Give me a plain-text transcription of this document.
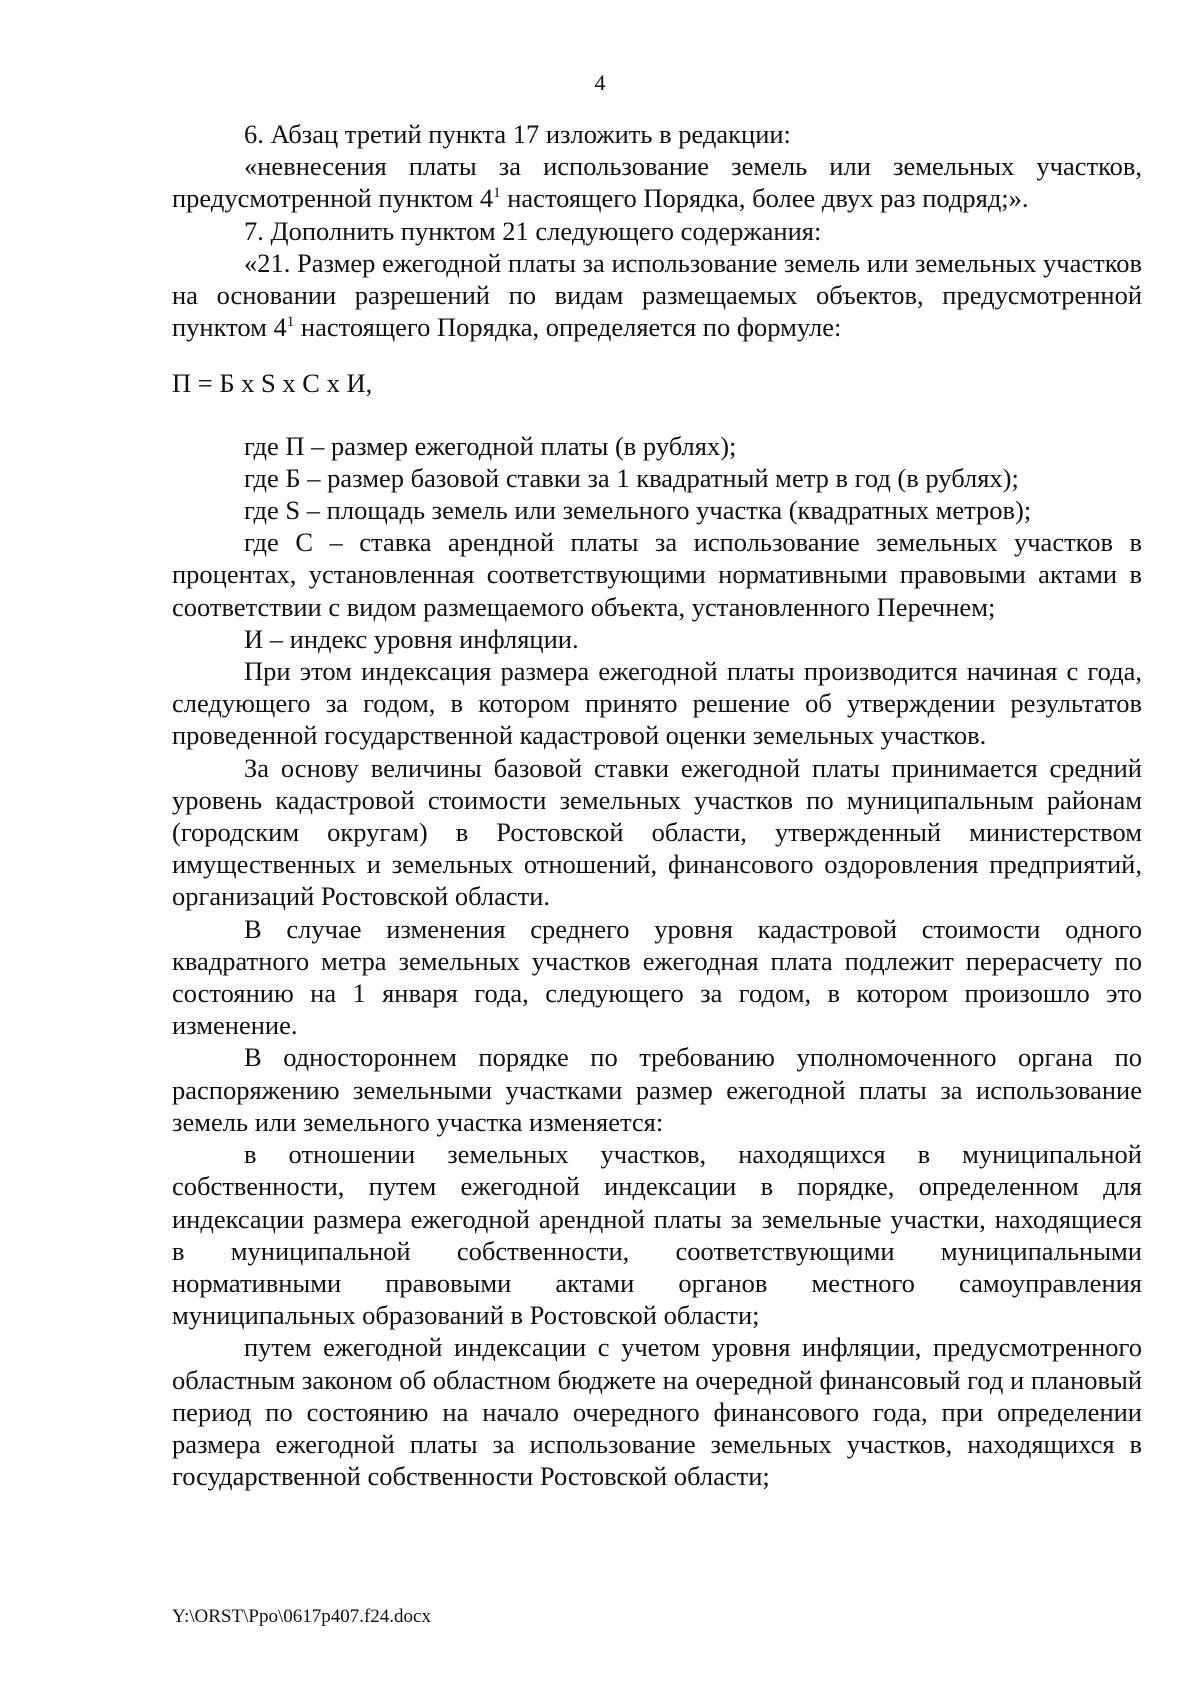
4

6. Абзац третий пункта 17 изложить в редакции:

«невнесения платы за использование земель или земельных участков, предусмотренной пунктом $4^1$ настоящего Порядка, более двух раз подряд;».

7. Дополнить пунктом 21 следующего содержания:

«21. Размер ежегодной платы за использование земель или земельных участков на основании разрешений по видам размещаемых объектов, предусмотренной пунктом $4^1$ настоящего Порядка, определяется по формуле:

П = Б x S x С x И,

где П – размер ежегодной платы (в рублях);

где Б – размер базовой ставки за 1 квадратный метр в год (в рублях);

где S – площадь земель или земельного участка (квадратных метров);

где С – ставка арендной платы за использование земельных участков в процентах, установленная соответствующими нормативными правовыми актами в соответствии с видом размещаемого объекта, установленного Перечнем;

И – индекс уровня инфляции.

При этом индексация размера ежегодной платы производится начиная с года, следующего за годом, в котором принято решение об утверждении результатов проведенной государственной кадастровой оценки земельных участков.

За основу величины базовой ставки ежегодной платы принимается средний уровень кадастровой стоимости земельных участков по муниципальным районам (городским округам) в Ростовской области, утвержденный министерством имущественных и земельных отношений, финансового оздоровления предприятий, организаций Ростовской области.

В случае изменения среднего уровня кадастровой стоимости одного квадратного метра земельных участков ежегодная плата подлежит перерасчету по состоянию на 1 января года, следующего за годом, в котором произошло это изменение.

В одностороннем порядке по требованию уполномоченного органа по распоряжению земельными участками размер ежегодной платы за использование земель или земельного участка изменяется:

в отношении земельных участков, находящихся в муниципальной собственности, путем ежегодной индексации в порядке, определенном для индексации размера ежегодной арендной платы за земельные участки, находящиеся в муниципальной собственности, соответствующими муниципальными нормативными правовыми актами органов местного самоуправления муниципальных образований в Ростовской области;

путем ежегодной индексации с учетом уровня инфляции, предусмотренного областным законом об областном бюджете на очередной финансовый год и плановый период по состоянию на начало очередного финансового года, при определении размера ежегодной платы за использование земельных участков, находящихся в государственной собственности Ростовской области;

Y:\ORST\Ppo\0617p407.f24.docx
